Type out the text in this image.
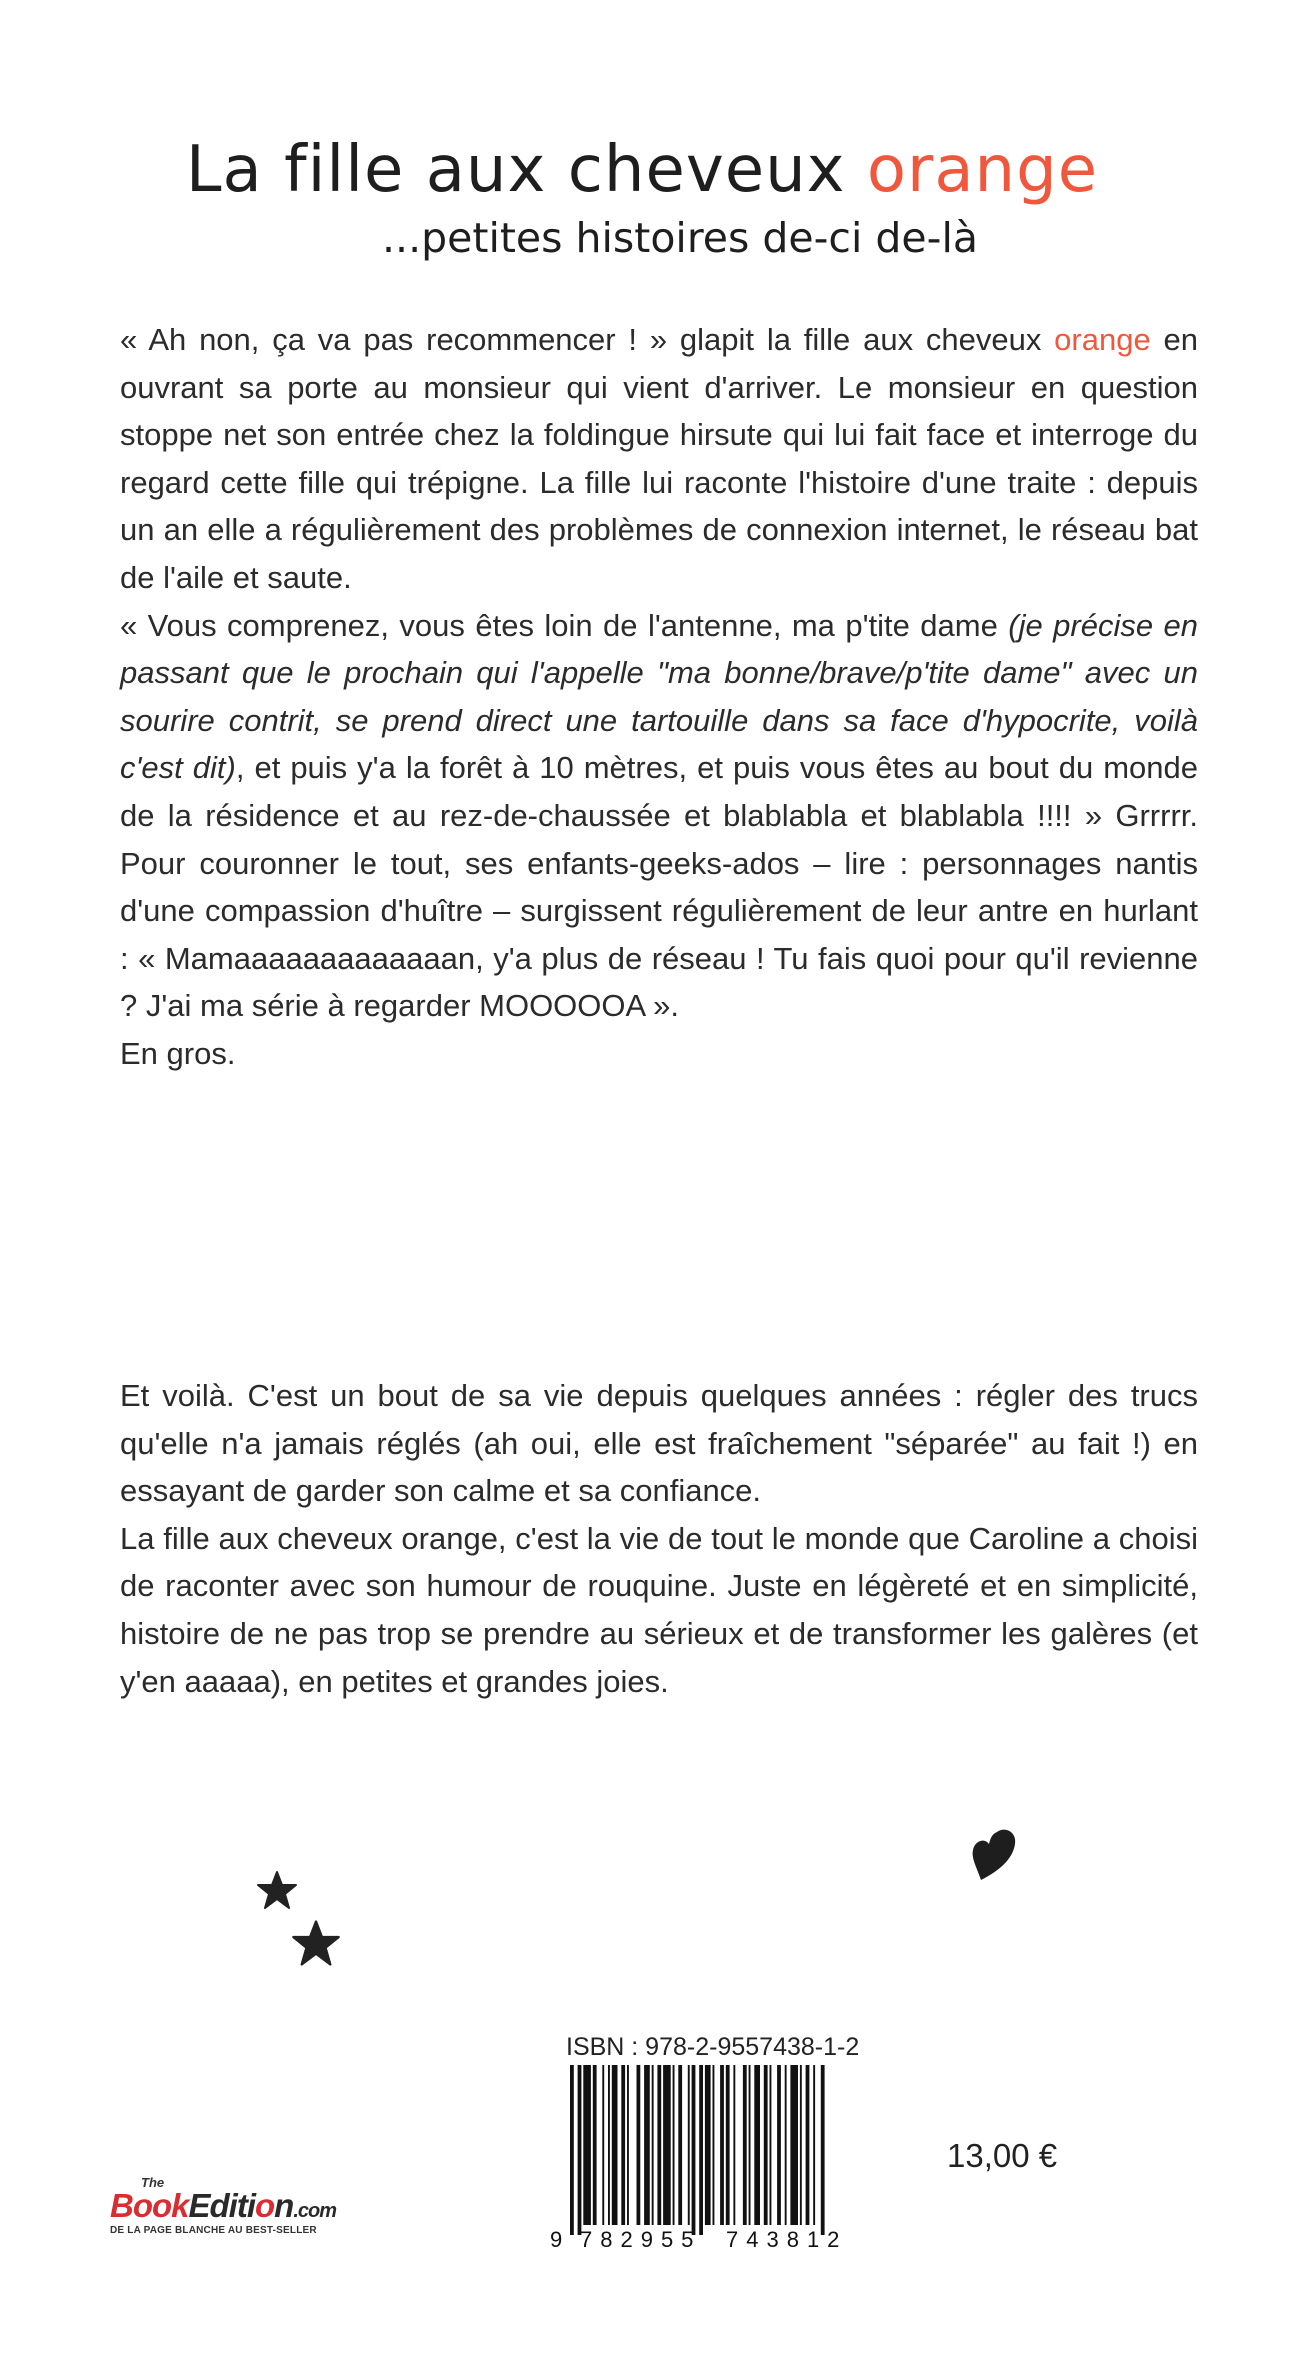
La fille aux cheveux orange
...petites histoires de-ci de-là

« Ah non, ça va pas recommencer ! » glapit la fille aux cheveux orange en ouvrant sa porte au monsieur qui vient d'arriver. Le monsieur en question stoppe net son entrée chez la foldingue hirsute qui lui fait face et interroge du regard cette fille qui trépigne. La fille lui raconte l'histoire d'une traite : depuis un an elle a régulièrement des problèmes de connexion internet, le réseau bat de l'aile et saute.

« Vous comprenez, vous êtes loin de l'antenne, ma p'tite dame (je précise en passant que le prochain qui l'appelle "ma bonne/brave/p'tite dame" avec un sourire contrit, se prend direct une tartouille dans sa face d'hypocrite, voilà c'est dit), et puis y'a la forêt à 10 mètres, et puis vous êtes au bout du monde de la résidence et au rez-de-chaussée et blablabla et blablabla !!!! » Grrrrr. Pour couronner le tout, ses enfants-geeks-ados – lire : personnages nantis d'une compassion d'huître – surgissent régulièrement de leur antre en hurlant : « Mamaaaaaaaaaaaaan, y'a plus de réseau ! Tu fais quoi pour qu'il revienne ? J'ai ma série à regarder MOOOOOA ».

En gros.

Et voilà. C'est un bout de sa vie depuis quelques années : régler des trucs qu'elle n'a jamais réglés (ah oui, elle est fraîchement "séparée" au fait !) en essayant de garder son calme et sa confiance.

La fille aux cheveux orange, c'est la vie de tout le monde que Caroline a choisi de raconter avec son humour de rouquine. Juste en légèreté et en simplicité, histoire de ne pas trop se prendre au sérieux et de transformer les galères (et y'en aaaaa), en petites et grandes joies.

ISBN : 978-2-9557438-1-2
9 782955 743812
13,00 €
The
BookEdition.com
DE LA PAGE BLANCHE AU BEST-SELLER
